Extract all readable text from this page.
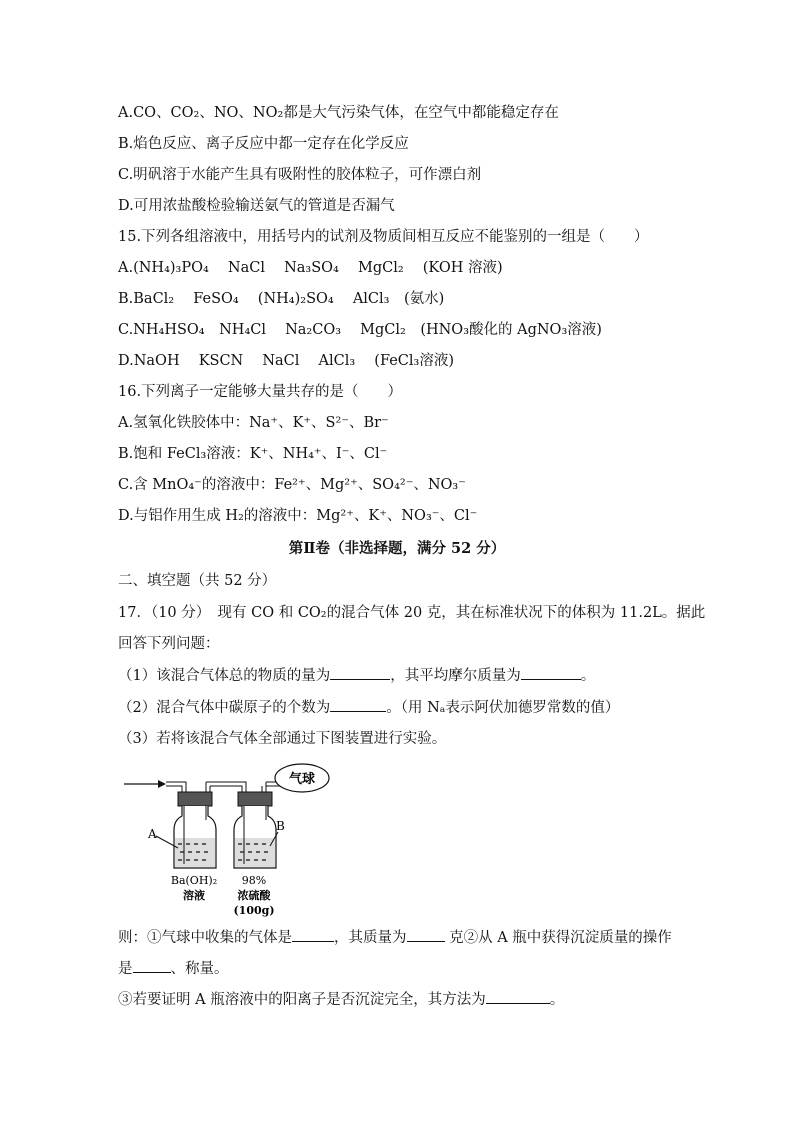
A.CO、CO₂、NO、NO₂都是大气污染气体，在空气中都能稳定存在
B.焰色反应、离子反应中都一定存在化学反应
C.明矾溶于水能产生具有吸附性的胶体粒子，可作漂白剂
D.可用浓盐酸检验输送氨气的管道是否漏气
15.下列各组溶液中，用括号内的试剂及物质间相互反应不能鉴别的一组是（　　）
A.(NH₄)₃PO₄　 NaCl　 Na₃SO₄　 MgCl₂　 (KOH 溶液)
B.BaCl₂　 FeSO₄　 (NH₄)₂SO₄　 AlCl₃　(氨水)
C.NH₄HSO₄　NH₄Cl　 Na₂CO₃　 MgCl₂　(HNO₃酸化的 AgNO₃溶液)
D.NaOH　 KSCN　 NaCl　 AlCl₃　 (FeCl₃溶液)
16.下列离子一定能够大量共存的是（　　）
A.氢氧化铁胶体中：Na⁺、K⁺、S²⁻、Br⁻
B.饱和 FeCl₃溶液：K⁺、NH₄⁺、I⁻、Cl⁻
C.含 MnO₄⁻的溶液中：Fe²⁺、Mg²⁺、SO₄²⁻、NO₃⁻
D.与铝作用生成 H₂的溶液中：Mg²⁺、K⁺、NO₃⁻、Cl⁻
第Ⅱ卷（非选择题，满分 52 分）
二、填空题（共 52 分）
17．（10 分）　现有 CO 和 CO₂的混合气体 20 克，其在标准状况下的体积为 11.2L。据此
回答下列问题：
（1）该混合气体总的物质的量为	，其平均摩尔质量为	。
（2）混合气体中碳原子的个数为	。（用 Nₐ表示阿伏加德罗常数的值）
（3）若将该混合气体全部通过下图装置进行实验。
气球
A
Ba(OH)₂
溶液
B
98%
浓硫酸
(100g)
则：①气球中收集的气体是	，其质量为	克②从 A 瓶中获得沉淀质量的操作
是	、称量。
③若要证明 A 瓶溶液中的阳离子是否沉淀完全，其方法为	。
